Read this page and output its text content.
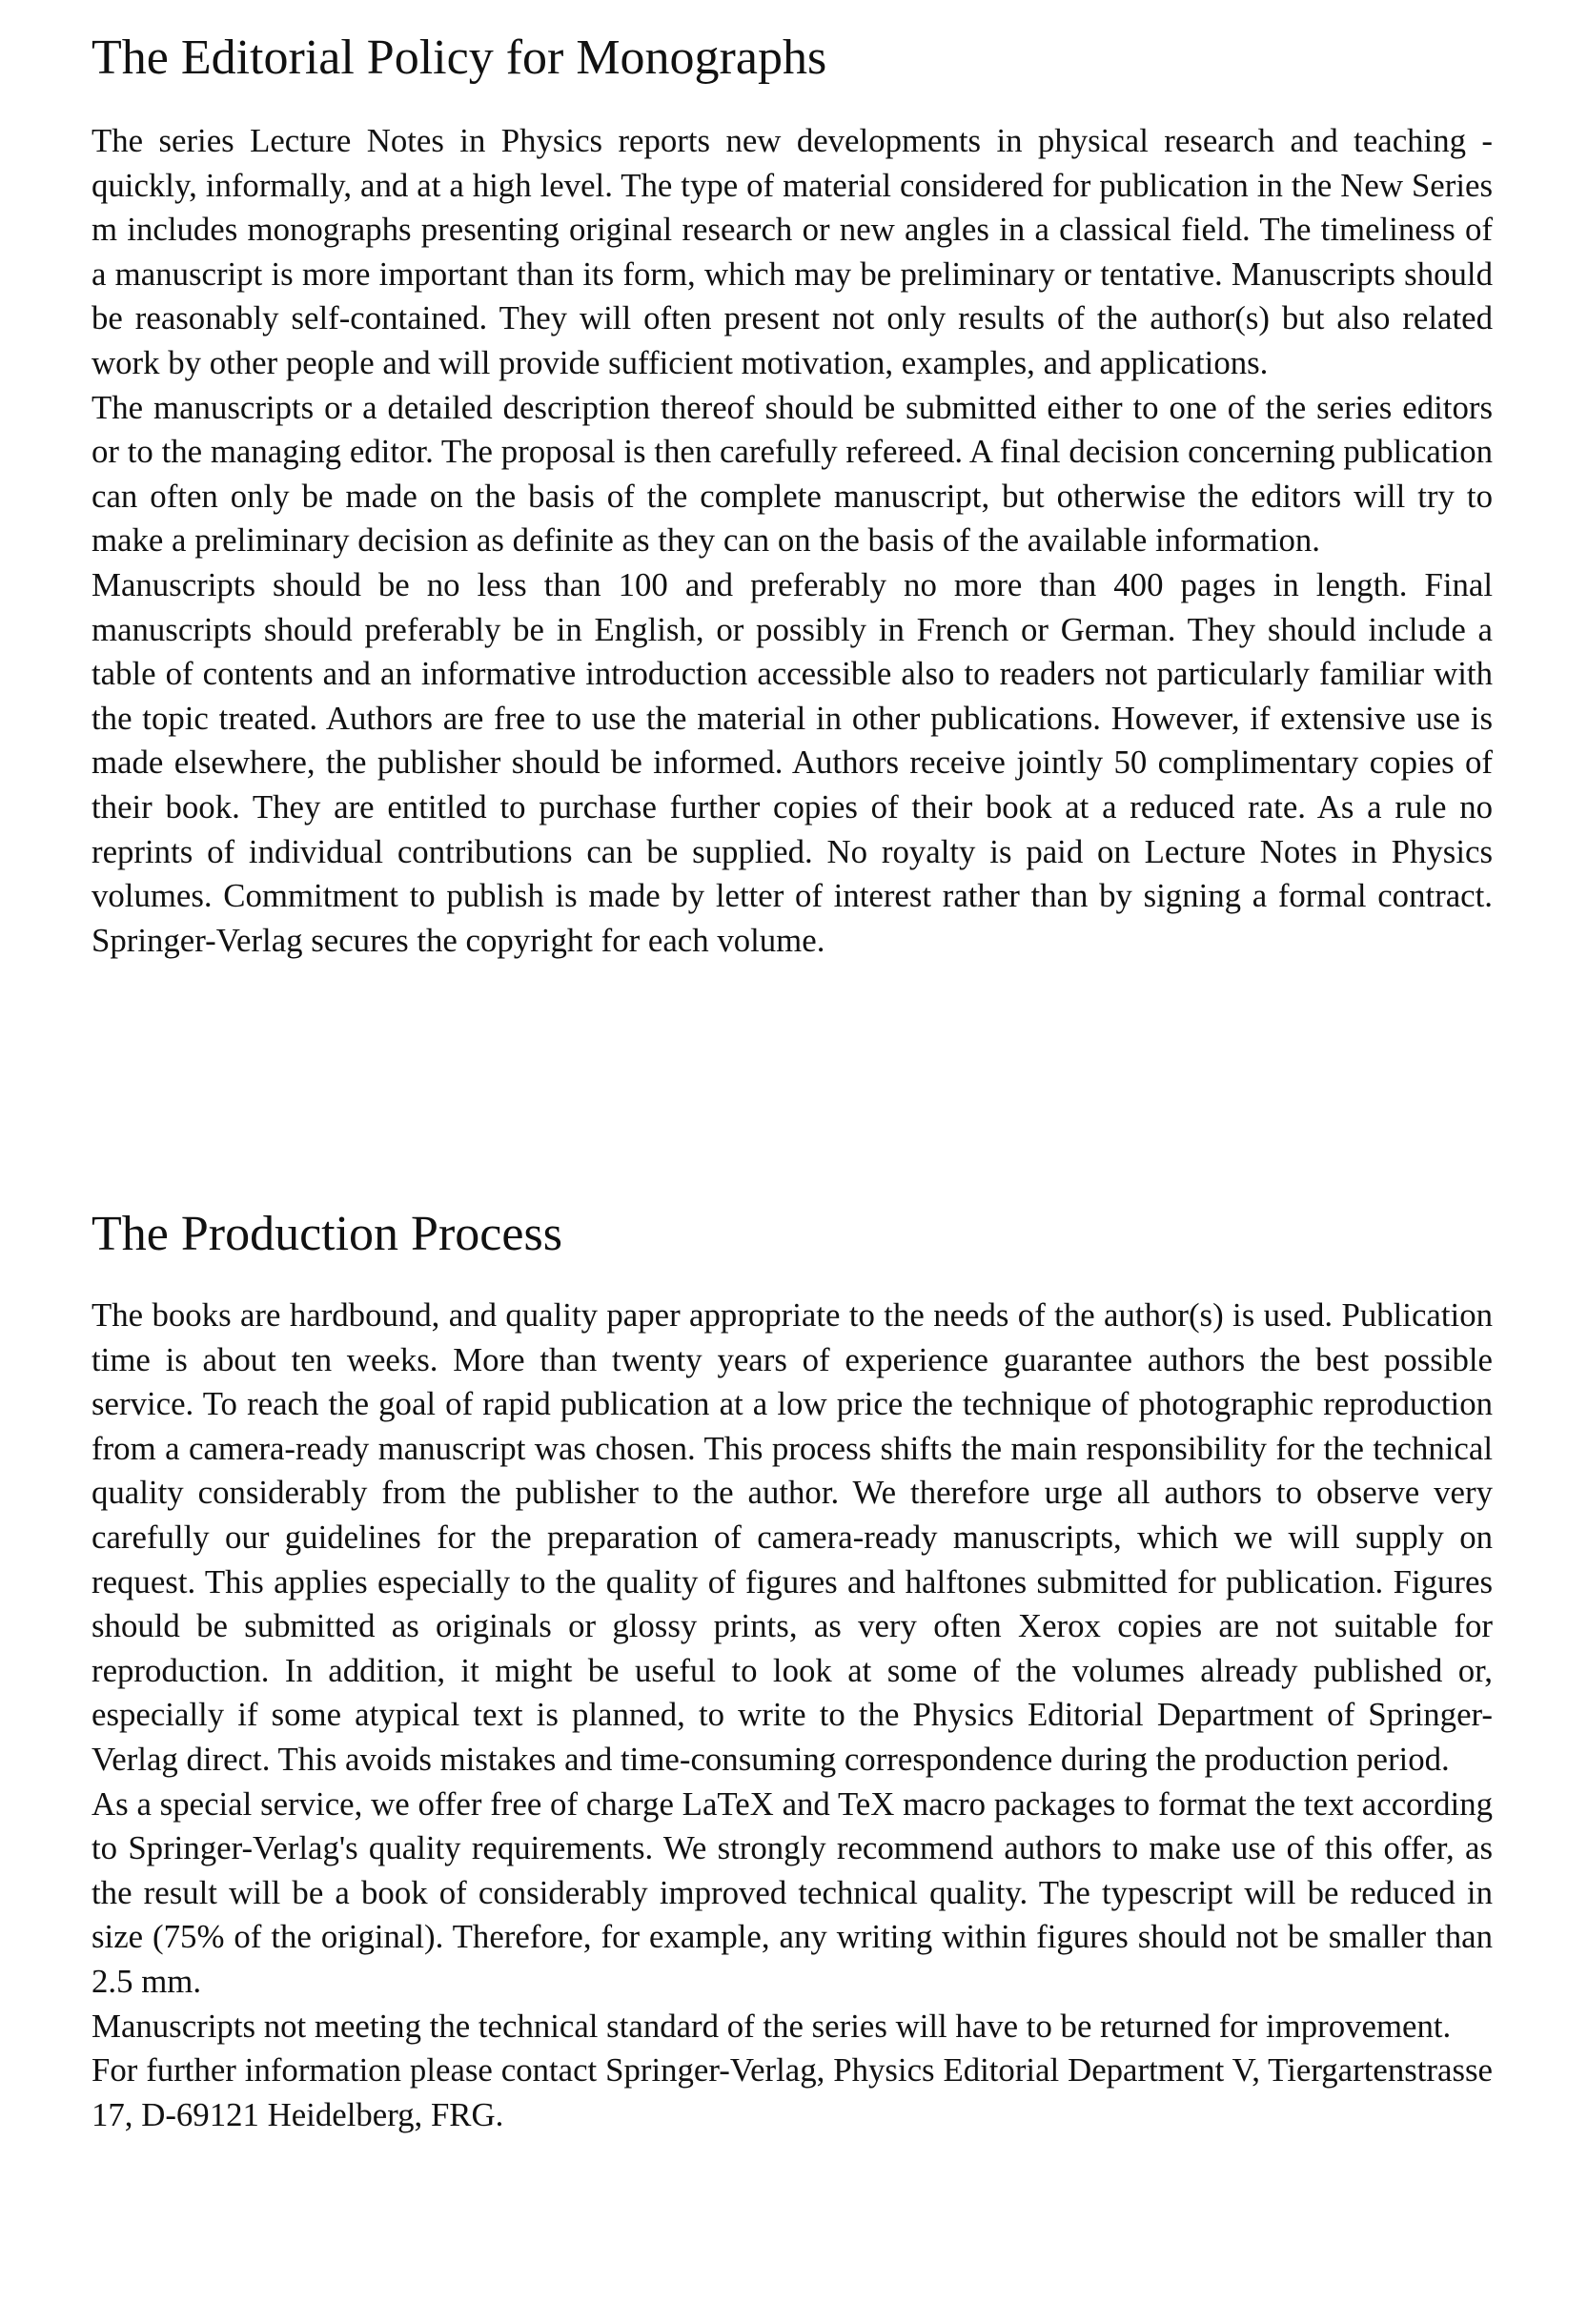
The Editorial Policy for Monographs

The series Lecture Notes in Physics reports new developments in physical research and teaching - quickly, informally, and at a high level. The type of material considered for publication in the New Series m includes monographs presenting original research or new angles in a classical field. The timeliness of a manuscript is more important than its form, which may be preliminary or tentative. Manuscripts should be reasonably self-contained. They will often present not only results of the author(s) but also related work by other people and will provide sufficient motivation, examples, and applications.

The manuscripts or a detailed description thereof should be submitted either to one of the series editors or to the managing editor. The proposal is then carefully refereed. A final decision concerning publication can often only be made on the basis of the complete manuscript, but otherwise the editors will try to make a preliminary decision as definite as they can on the basis of the available information.

Manuscripts should be no less than 100 and preferably no more than 400 pages in length. Final manuscripts should preferably be in English, or possibly in French or German. They should include a table of contents and an informative introduction accessible also to readers not particularly familiar with the topic treated. Authors are free to use the material in other publications. However, if extensive use is made elsewhere, the publisher should be informed. Authors receive jointly 50 complimentary copies of their book. They are entitled to purchase further copies of their book at a reduced rate. As a rule no reprints of individual contributions can be supplied. No royalty is paid on Lecture Notes in Physics volumes. Commitment to publish is made by letter of interest rather than by signing a formal contract. Springer-Verlag secures the copyright for each volume.

The Production Process

The books are hardbound, and quality paper appropriate to the needs of the author(s) is used. Publication time is about ten weeks. More than twenty years of experience guarantee authors the best possible service. To reach the goal of rapid publication at a low price the technique of photographic reproduction from a camera-ready manuscript was chosen. This process shifts the main responsibility for the technical quality considerably from the publisher to the author. We therefore urge all authors to observe very carefully our guidelines for the preparation of camera-ready manuscripts, which we will supply on request. This applies especially to the quality of figures and halftones submitted for publication. Figures should be submitted as originals or glossy prints, as very often Xerox copies are not suitable for reproduction. In addition, it might be useful to look at some of the volumes already published or, especially if some atypical text is planned, to write to the Physics Editorial Department of Springer-Verlag direct. This avoids mistakes and time-consuming correspondence during the production period.

As a special service, we offer free of charge LaTeX and TeX macro packages to format the text according to Springer-Verlag's quality requirements. We strongly recommend authors to make use of this offer, as the result will be a book of considerably improved technical quality. The typescript will be reduced in size (75% of the original). Therefore, for example, any writing within figures should not be smaller than 2.5 mm.

Manuscripts not meeting the technical standard of the series will have to be returned for improvement.

For further information please contact Springer-Verlag, Physics Editorial Department V, Tiergartenstrasse 17, D-69121 Heidelberg, FRG.
